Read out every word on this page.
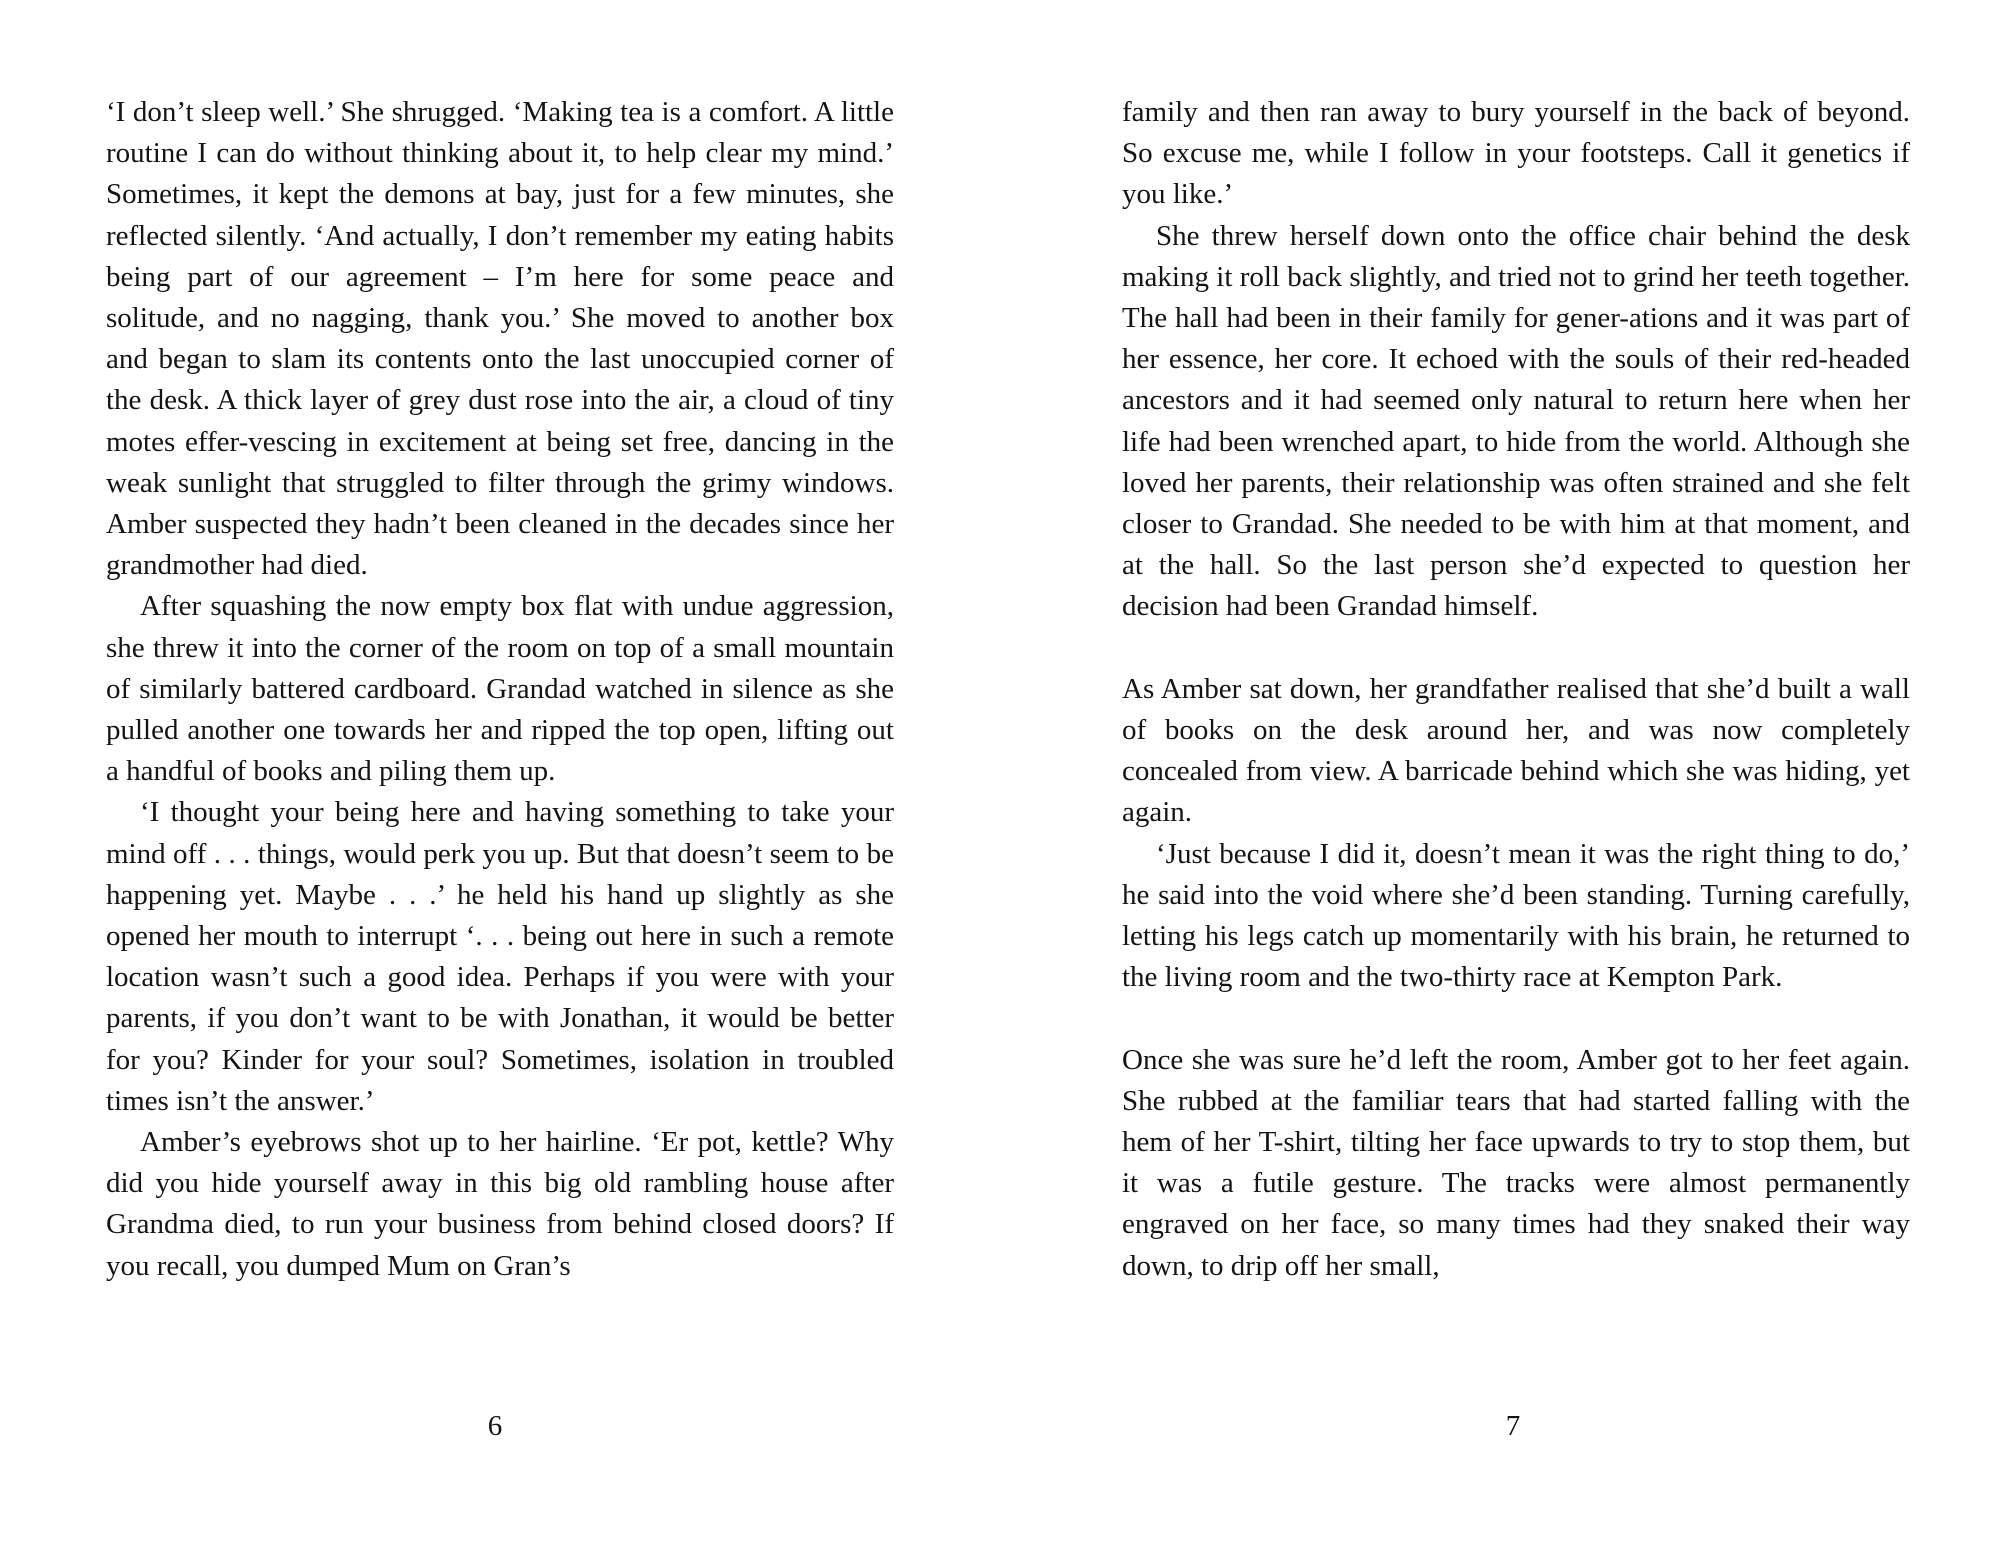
‘I don’t sleep well.’ She shrugged. ‘Making tea is a comfort. A little routine I can do without thinking about it, to help clear my mind.’ Sometimes, it kept the demons at bay, just for a few minutes, she reflected silently. ‘And actually, I don’t remember my eating habits being part of our agreement – I’m here for some peace and solitude, and no nagging, thank you.’ She moved to another box and began to slam its contents onto the last unoccupied corner of the desk. A thick layer of grey dust rose into the air, a cloud of tiny motes effer-vescing in excitement at being set free, dancing in the weak sunlight that struggled to filter through the grimy windows. Amber suspected they hadn’t been cleaned in the decades since her grandmother had died.

After squashing the now empty box flat with undue aggression, she threw it into the corner of the room on top of a small mountain of similarly battered cardboard. Grandad watched in silence as she pulled another one towards her and ripped the top open, lifting out a handful of books and piling them up.

‘I thought your being here and having something to take your mind off . . . things, would perk you up. But that doesn’t seem to be happening yet. Maybe . . .’ he held his hand up slightly as she opened her mouth to interrupt ‘. . . being out here in such a remote location wasn’t such a good idea. Perhaps if you were with your parents, if you don’t want to be with Jonathan, it would be better for you? Kinder for your soul? Sometimes, isolation in troubled times isn’t the answer.’

Amber’s eyebrows shot up to her hairline. ‘Er pot, kettle? Why did you hide yourself away in this big old rambling house after Grandma died, to run your business from behind closed doors? If you recall, you dumped Mum on Gran’s

6

family and then ran away to bury yourself in the back of beyond. So excuse me, while I follow in your footsteps. Call it genetics if you like.’

She threw herself down onto the office chair behind the desk making it roll back slightly, and tried not to grind her teeth together. The hall had been in their family for gener-ations and it was part of her essence, her core. It echoed with the souls of their red-headed ancestors and it had seemed only natural to return here when her life had been wrenched apart, to hide from the world. Although she loved her parents, their relationship was often strained and she felt closer to Grandad. She needed to be with him at that moment, and at the hall. So the last person she’d expected to question her decision had been Grandad himself.

As Amber sat down, her grandfather realised that she’d built a wall of books on the desk around her, and was now completely concealed from view. A barricade behind which she was hiding, yet again.

‘Just because I did it, doesn’t mean it was the right thing to do,’ he said into the void where she’d been standing. Turning carefully, letting his legs catch up momentarily with his brain, he returned to the living room and the two-thirty race at Kempton Park.

Once she was sure he’d left the room, Amber got to her feet again. She rubbed at the familiar tears that had started falling with the hem of her T-shirt, tilting her face upwards to try to stop them, but it was a futile gesture. The tracks were almost permanently engraved on her face, so many times had they snaked their way down, to drip off her small,

7
